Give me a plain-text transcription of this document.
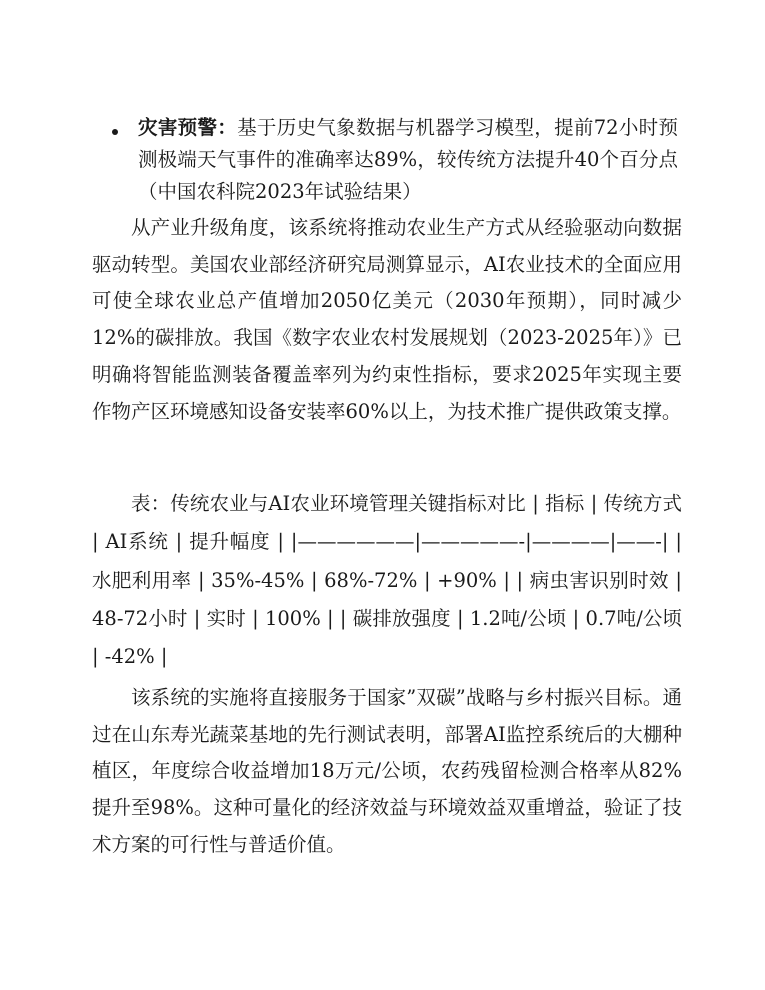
灾害预警：基于历史气象数据与机器学习模型，提前72小时预测极端天气事件的准确率达89%，较传统方法提升40个百分点（中国农科院2023年试验结果）

从产业升级角度，该系统将推动农业生产方式从经验驱动向数据驱动转型。美国农业部经济研究局测算显示，AI农业技术的全面应用可使全球农业总产值增加2050亿美元（2030年预期），同时减少12%的碳排放。我国《数字农业农村发展规划（2023-2025年）》已明确将智能监测装备覆盖率列为约束性指标，要求2025年实现主要作物产区环境感知设备安装率60%以上，为技术推广提供政策支撑。

表：传统农业与AI农业环境管理关键指标对比 | 指标 | 传统方式 | AI系统 | 提升幅度 | |——————|—————-|————|——-| | 水肥利用率 | 35%-45% | 68%-72% | +90% | | 病虫害识别时效 | 48-72小时 | 实时 | 100% | | 碳排放强度 | 1.2吨/公顷 | 0.7吨/公顷 | -42% |

该系统的实施将直接服务于国家”双碳”战略与乡村振兴目标。通过在山东寿光蔬菜基地的先行测试表明，部署AI监控系统后的大棚种植区，年度综合收益增加18万元/公顷，农药残留检测合格率从82%提升至98%。这种可量化的经济效益与环境效益双重增益，验证了技术方案的可行性与普适价值。
